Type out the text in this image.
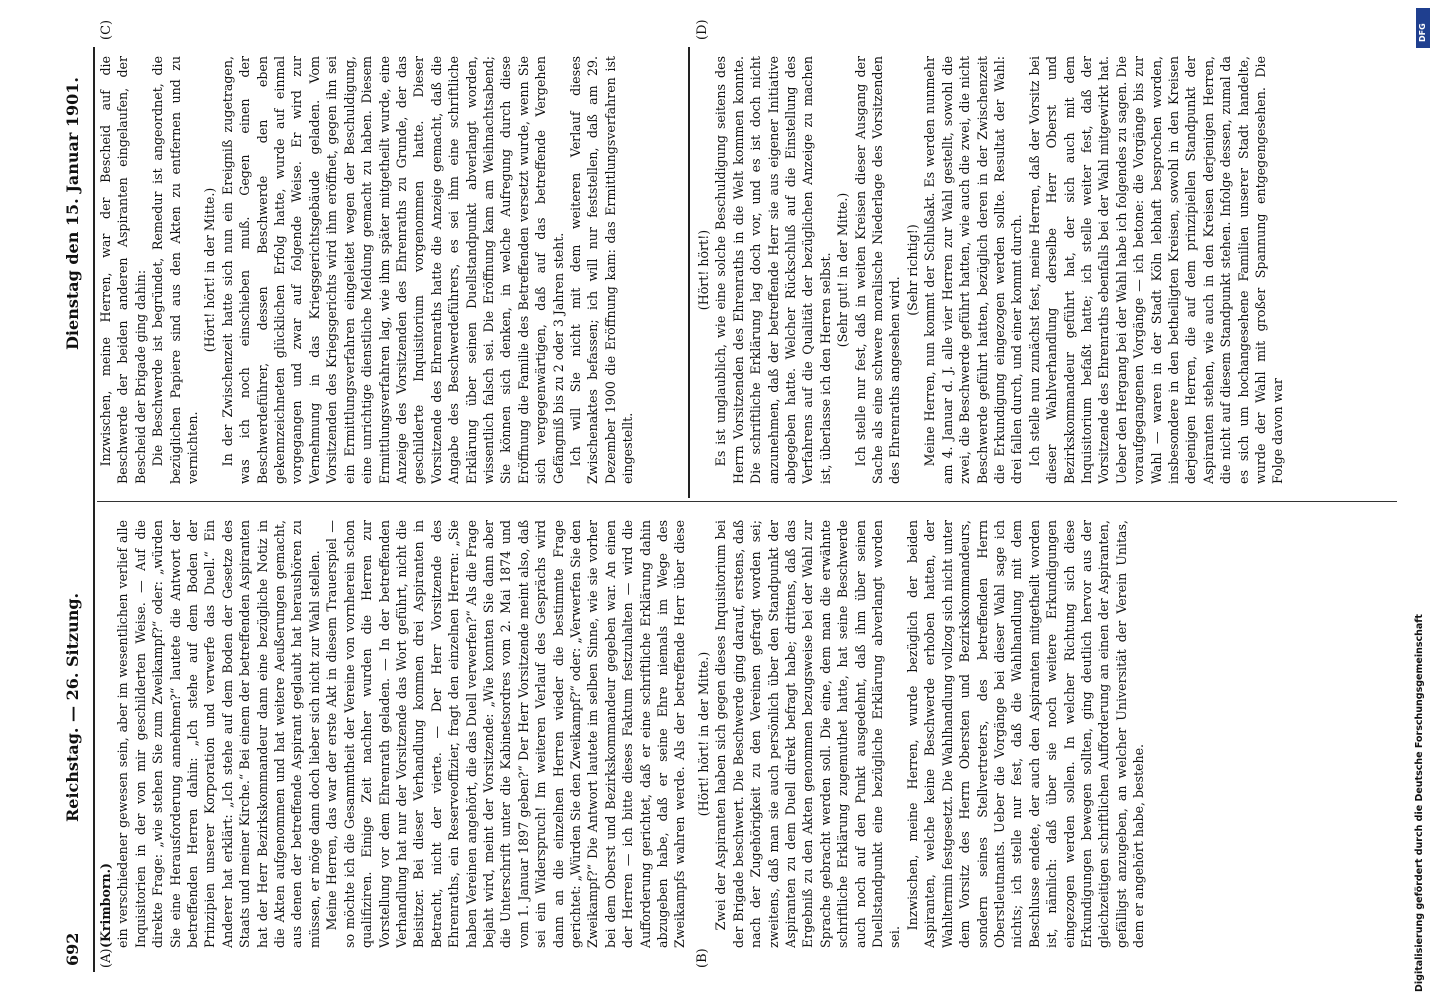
692
Reichstag. — 26. Sitzung.
Dienstag den 15. Januar 1901.
(A)	(B)
(C)	(D)

(Krimborn.) ein verschiedener gewesen sein, aber im wesentlichen verlief alle Inquisitorien in der von mir geschilderten Weise. — Auf die direkte Frage: „wie stehen Sie zum Zweikampf?“ oder: „würden Sie eine Herausforderung annehmen?“ lautete die Antwort der betreffenden Herren dahin: „Ich stehe auf dem Boden der Prinzipien unserer Korporation und verwerfe das Duell.“ Ein Anderer hat erklärt: „Ich stehe auf dem Boden der Gesetze des Staats und meiner Kirche.“ Bei einem der betreffenden Aspiranten hat der Herr Bezirkskommandeur dann eine bezügliche Notiz in die Akten aufgenommen und hat weitere Aeußerungen gemacht, aus denen der betreffende Aspirant geglaubt hat heraushören zu müssen, er möge dann doch lieber sich nicht zur Wahl stellen. Meine Herren, das war der erste Akt in diesem Trauerspiel — so möchte ich die Gesammtheit der Vereine von vornherein schon qualifiziren. Einige Zeit nachher wurden die Herren zur Vorstellung vor dem Ehrenrath geladen. — In der betreffenden Verhandlung hat nur der Vorsitzende das Wort geführt, nicht die Beisitzer. Bei dieser Verhandlung kommen drei Aspiranten in Betracht, nicht der vierte. — Der Herr Vorsitzende des Ehrenraths, ein Reserveoffizier, fragt den einzelnen Herren: „Sie haben Vereinen angehört, die das Duell verwerfen?“ Als die Frage bejaht wird, meint der Vorsitzende: „Wie konnten Sie dann aber die Unterschrift unter die Kabinetsordres vom 2. Mai 1874 und vom 1. Januar 1897 geben?“ Der Herr Vorsitzende meint also, daß sei ein Widerspruch! Im weiteren Verlauf des Gesprächs wird dann an die einzelnen Herren wieder die bestimmte Frage gerichtet: „Würden Sie den Zweikampf?“ oder: „Verwerfen Sie den Zweikampf?“ Die Antwort lautete im selben Sinne, wie sie vorher bei dem Oberst und Bezirkskommandeur gegeben war. An einen der Herren — ich bitte dieses Faktum festzuhalten — wird die Aufforderung gerichtet, daß er eine schriftliche Erklärung dahin abzugeben habe, daß er seine Ehre niemals im Wege des Zweikampfs wahren werde. Als der betreffende Herr über diese

(Hört! hört! in der Mitte.) Zwei der Aspiranten haben sich gegen dieses Inquisitorium bei der Brigade beschwert. Die Beschwerde ging darauf, erstens, daß nach der Zugehörigkeit zu den Vereinen gefragt worden sei; zweitens, daß man sie auch persönlich über den Standpunkt der Aspiranten zu dem Duell direkt befragt habe; drittens, daß das Ergebniß zu den Akten genommen bezugsweise bei der Wahl zur Sprache gebracht werden soll. Die eine, dem man die erwähnte schriftliche Erklärung zugemuthet hatte, hat seine Beschwerde auch noch auf den Punkt ausgedehnt, daß ihm über seinen Duellstandpunkt eine bezügliche Erklärung abverlangt worden sei.

Inzwischen, meine Herren, wurde bezüglich der beiden Aspiranten, welche keine Beschwerde erhoben hatten, der Wahltermin festgesetzt. Die Wahlhandlung vollzog sich nicht unter dem Vorsitz des Herrn Obersten und Bezirkskommandeurs, sondern seines Stellvertreters, des betreffenden Herrn Oberstleutnants. Ueber die Vorgänge bei dieser Wahl sage ich nichts; ich stelle nur fest, daß die Wahlhandlung mit dem Beschlusse endete, der auch den Aspiranten mitgetheilt worden ist, nämlich: daß über sie noch weitere Erkundigungen eingezogen werden sollen. In welcher Richtung sich diese Erkundigungen bewegen sollten, ging deutlich hervor aus der gleichzeitigen schriftlichen Aufforderung an einen der Aspiranten, gefälligst anzugeben, an welcher Universität der Verein Unitas, dem er angehört habe, bestehe.

Inzwischen, meine Herren, war der Bescheid auf die Beschwerde der beiden anderen Aspiranten eingelaufen, der Bescheid der Brigade ging dahin: Die Beschwerde ist begründet, Remedur ist angeordnet, die bezüglichen Papiere sind aus den Akten zu entfernen und zu vernichten.

(Hört! hört! in der Mitte.) In der Zwischenzeit hatte sich nun ein Ereigniß zugetragen, was ich noch einschieben muß. Gegen einen der Beschwerdeführer, dessen Beschwerde den eben gekennzeichneten glücklichen Erfolg hatte, wurde auf einmal vorgegangen und zwar auf folgende Weise. Er wird zur Vernehmung in das Kriegsgerichtsgebäude geladen. Vom Vorsitzenden des Kriegsgerichts wird ihm eröffnet, gegen ihn sei ein Ermittlungsverfahren eingeleitet wegen der Beschuldigung, eine unrichtige dienstliche Meldung gemacht zu haben. Diesem Ermittlungsverfahren lag, wie ihm später mitgetheilt wurde, eine Anzeige des Vorsitzenden des Ehrenraths zu Grunde, der das geschilderte Inquisitorium vorgenommen hatte. Dieser Vorsitzende des Ehrenraths hatte die Anzeige gemacht, daß die Angabe des Beschwerdeführers, es sei ihm eine schriftliche Erklärung über seinen Duellstandpunkt abverlangt worden, wissentlich falsch sei. Die Eröffnung kam am Weihnachtsabend; Sie können sich denken, in welche Aufregung durch diese Eröffnung die Familie des Betreffenden versetzt wurde, wenn Sie sich vergegenwärtigen, daß auf das betreffende Vergehen Gefängniß bis zu 2 oder 3 Jahren steht. Ich will Sie nicht mit dem weiteren Verlauf dieses Zwischenaktes befassen; ich will nur feststellen, daß am 29. Dezember 1900 die Eröffnung kam: das Ermittlungsverfahren ist eingestellt.

(Hört! hört!) Es ist unglaublich, wie eine solche Beschuldigung seitens des Herrn Vorsitzenden des Ehrenraths in die Welt kommen konnte. Die schriftliche Erklärung lag doch vor, und es ist doch nicht anzunehmen, daß der betreffende Herr sie aus eigener Initiative abgegeben hatte. Welcher Rückschluß auf die Einstellung des Verfahrens auf die Qualität der bezüglichen Anzeige zu machen ist, überlasse ich den Herren selbst. (Sehr gut! in der Mitte.) Ich stelle nur fest, daß in weiten Kreisen dieser Ausgang der Sache als eine schwere moralische Niederlage des Vorsitzenden des Ehrenraths angesehen wird.

(Sehr richtig!) Meine Herren, nun kommt der Schlußakt. Es werden nunmehr am 4. Januar d. J. alle vier Herren zur Wahl gestellt, sowohl die zwei, die Beschwerde geführt hatten, wie auch die zwei, die nicht Beschwerde geführt hatten, bezüglich deren in der Zwischenzeit die Erkundigung eingezogen werden sollte. Resultat der Wahl: drei fallen durch, und einer kommt durch. Ich stelle nun zunächst fest, meine Herren, daß der Vorsitz bei dieser Wahlverhandlung derselbe Herr Oberst und Bezirkskommandeur geführt hat, der sich auch mit dem Inquisitorium befaßt hatte; ich stelle weiter fest, daß der Vorsitzende des Ehrenraths ebenfalls bei der Wahl mitgewirkt hat. Ueber den Hergang bei der Wahl habe ich folgendes zu sagen. Die voraufgegangenen Vorgänge — ich betone: die Vorgänge bis zur Wahl — waren in der Stadt Köln lebhaft besprochen worden, insbesondere in den betheiligten Kreisen, sowohl in den Kreisen derjenigen Herren, die auf dem prinzipiellen Standpunkt der Aspiranten stehen, wie auch in den Kreisen derjenigen Herren, die nicht auf diesem Standpunkt stehen. Infolge dessen, zumal da es sich um hochangesehene Familien unserer Stadt handelte, wurde der Wahl mit großer Spannung entgegengesehen. Die Folge davon war

Digitalisierung gefördert durch die Deutsche Forschungsgemeinschaft
DFG
